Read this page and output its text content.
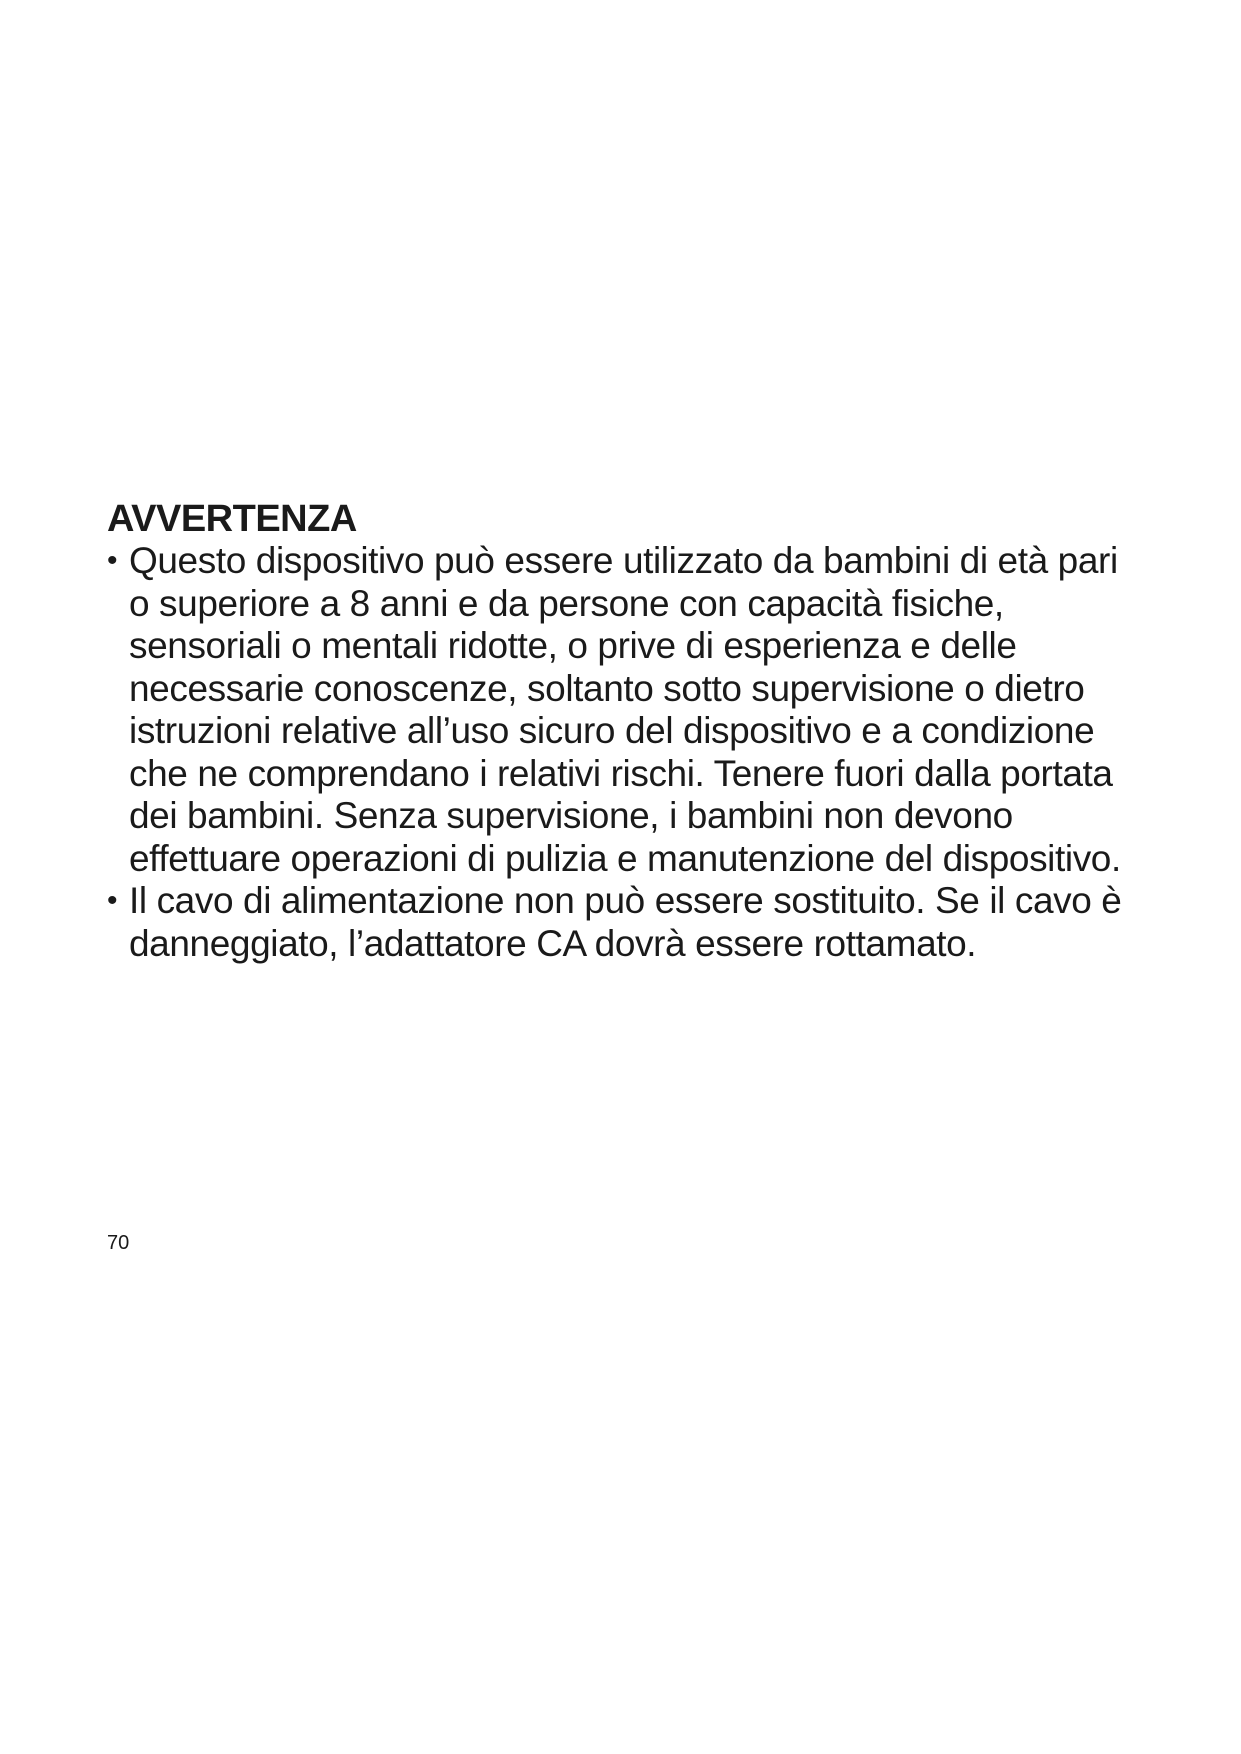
AVVERTENZA
• Questo dispositivo può essere utilizzato da bambini di età pari o superiore a 8 anni e da persone con capacità fisiche, sensoriali o mentali ridotte, o prive di esperienza e delle necessarie conoscenze, soltanto sotto supervisione o dietro istruzioni relative all’uso sicuro del dispositivo e a condizione che ne comprendano i relativi rischi. Tenere fuori dalla portata dei bambini. Senza supervisione, i bambini non devono effettuare operazioni di pulizia e manutenzione del dispositivo.
• Il cavo di alimentazione non può essere sostituito. Se il cavo è danneggiato, l’adattatore CA dovrà essere rottamato.
70
